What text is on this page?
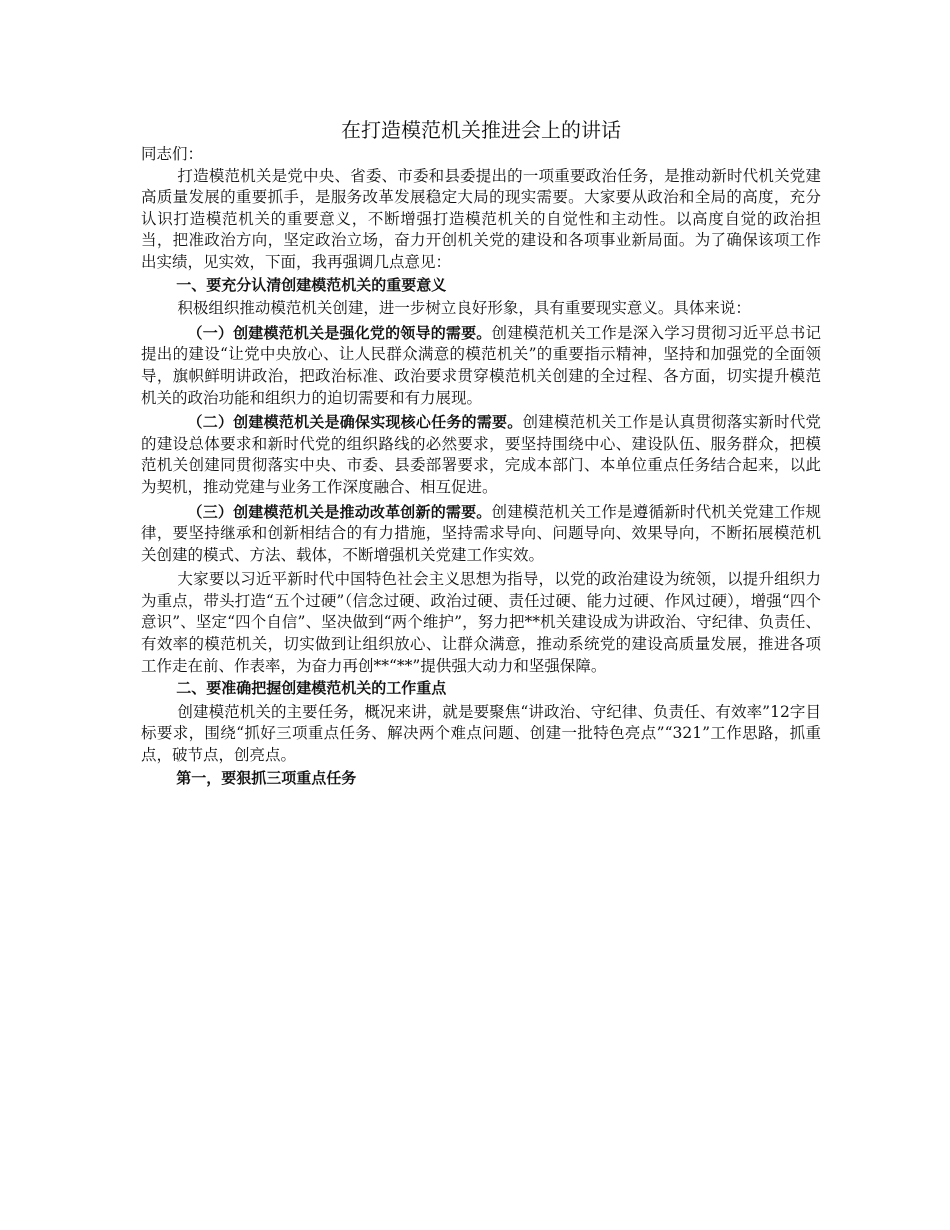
在打造模范机关推进会上的讲话

同志们：

打造模范机关是党中央、省委、市委和县委提出的一项重要政治任务，是推动新时代机关党建高质量发展的重要抓手，是服务改革发展稳定大局的现实需要。大家要从政治和全局的高度，充分认识打造模范机关的重要意义，不断增强打造模范机关的自觉性和主动性。以高度自觉的政治担当，把准政治方向，坚定政治立场，奋力开创机关党的建设和各项事业新局面。为了确保该项工作出实绩，见实效，下面，我再强调几点意见：

一、要充分认清创建模范机关的重要意义

积极组织推动模范机关创建，进一步树立良好形象，具有重要现实意义。具体来说：

（一）创建模范机关是强化党的领导的需要。创建模范机关工作是深入学习贯彻习近平总书记提出的建设“让党中央放心、让人民群众满意的模范机关”的重要指示精神，坚持和加强党的全面领导，旗帜鲜明讲政治，把政治标准、政治要求贯穿模范机关创建的全过程、各方面，切实提升模范机关的政治功能和组织力的迫切需要和有力展现。

（二）创建模范机关是确保实现核心任务的需要。创建模范机关工作是认真贯彻落实新时代党的建设总体要求和新时代党的组织路线的必然要求，要坚持围绕中心、建设队伍、服务群众，把模范机关创建同贯彻落实中央、市委、县委部署要求，完成本部门、本单位重点任务结合起来，以此为契机，推动党建与业务工作深度融合、相互促进。

（三）创建模范机关是推动改革创新的需要。创建模范机关工作是遵循新时代机关党建工作规律，要坚持继承和创新相结合的有力措施，坚持需求导向、问题导向、效果导向，不断拓展模范机关创建的模式、方法、载体，不断增强机关党建工作实效。

大家要以习近平新时代中国特色社会主义思想为指导，以党的政治建设为统领，以提升组织力为重点，带头打造“五个过硬”（信念过硬、政治过硬、责任过硬、能力过硬、作风过硬），增强“四个意识”、坚定“四个自信”、坚决做到“两个维护”，努力把**机关建设成为讲政治、守纪律、负责任、有效率的模范机关，切实做到让组织放心、让群众满意，推动系统党的建设高质量发展，推进各项工作走在前、作表率，为奋力再创**“**”提供强大动力和坚强保障。

二、要准确把握创建模范机关的工作重点

创建模范机关的主要任务，概况来讲，就是要聚焦“讲政治、守纪律、负责任、有效率”12字目标要求，围绕“抓好三项重点任务、解决两个难点问题、创建一批特色亮点”“321”工作思路，抓重点，破节点，创亮点。

第一，要狠抓三项重点任务
